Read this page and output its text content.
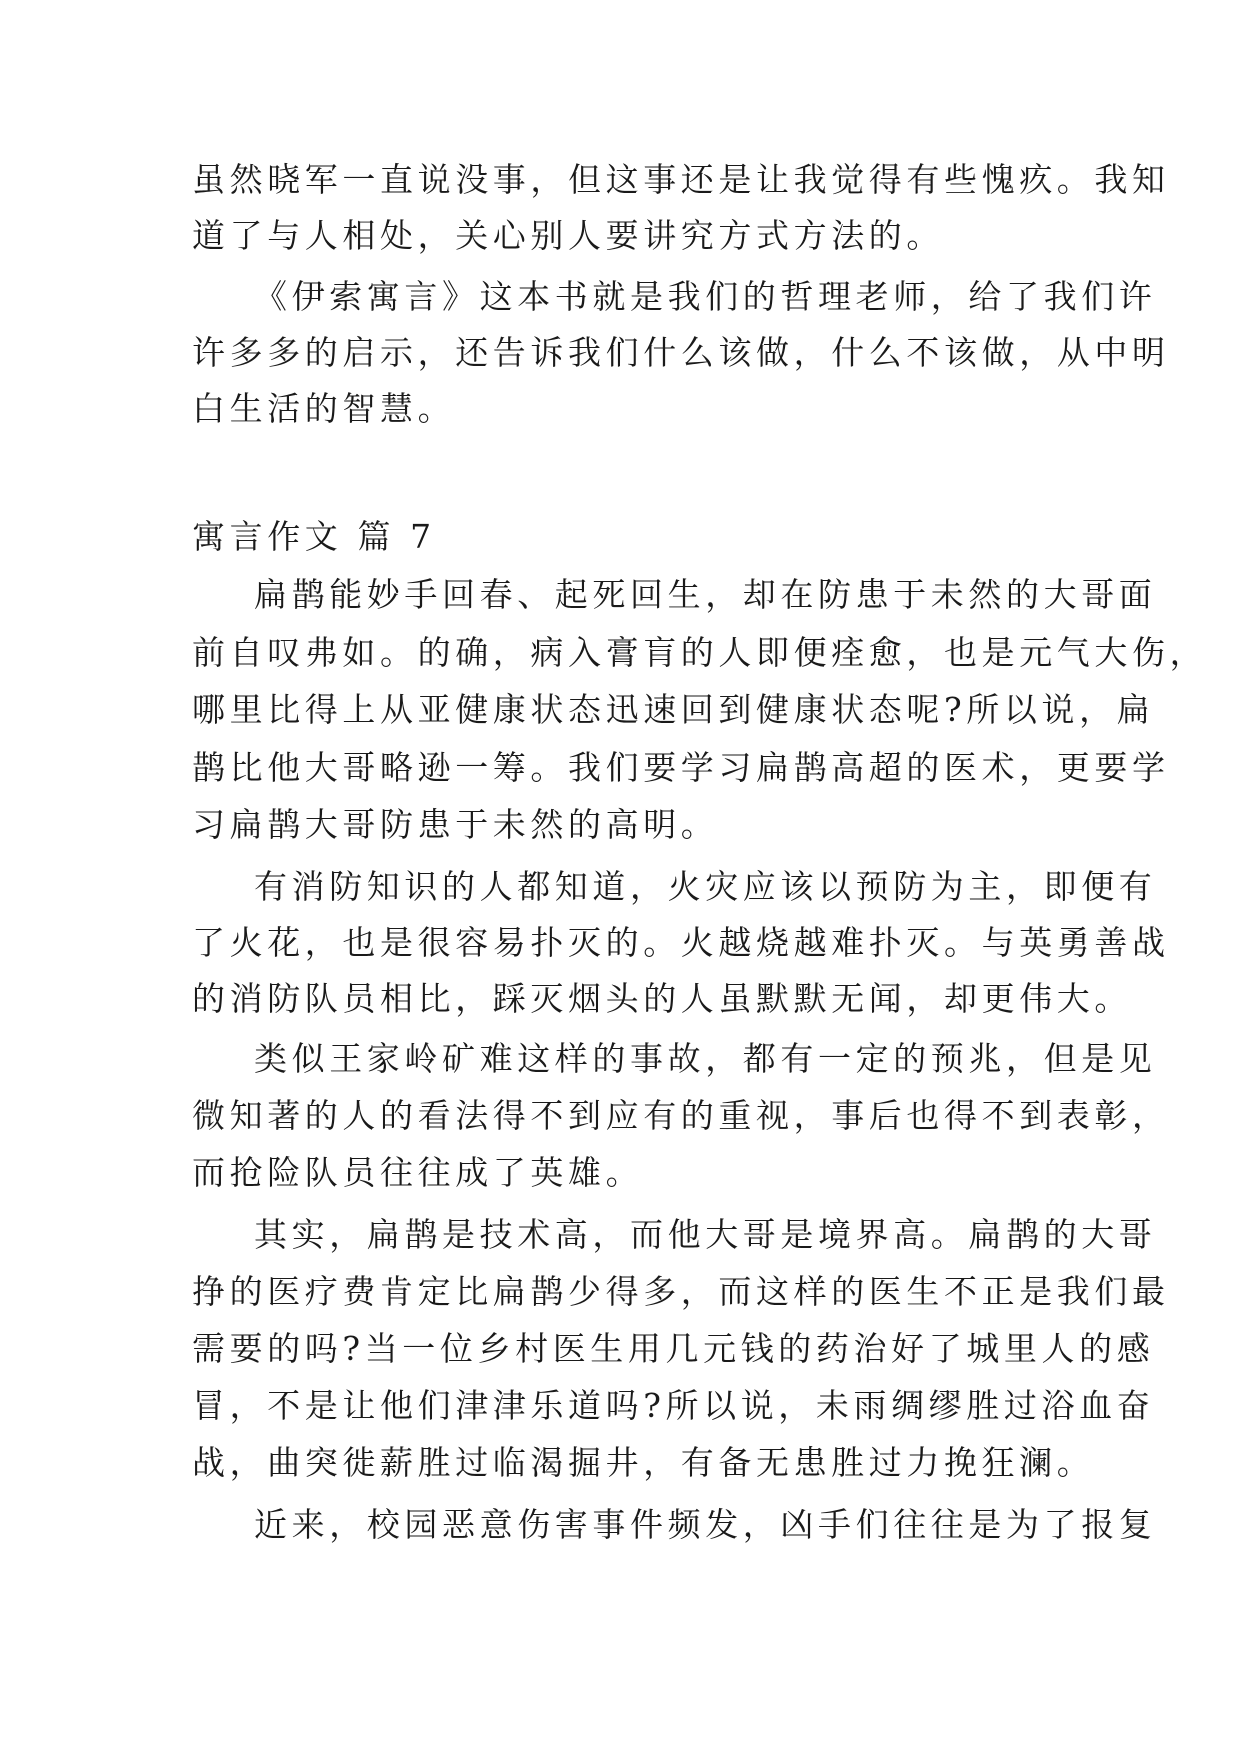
虽然晓军一直说没事，但这事还是让我觉得有些愧疚。我知
道了与人相处，关心别人要讲究方式方法的。
《伊索寓言》这本书就是我们的哲理老师，给了我们许
许多多的启示，还告诉我们什么该做，什么不该做，从中明
白生活的智慧。
寓言作文 篇 7
扁鹊能妙手回春、起死回生，却在防患于未然的大哥面
前自叹弗如。的确，病入膏肓的人即便痊愈，也是元气大伤，
哪里比得上从亚健康状态迅速回到健康状态呢?所以说，扁
鹊比他大哥略逊一筹。我们要学习扁鹊高超的医术，更要学
习扁鹊大哥防患于未然的高明。
有消防知识的人都知道，火灾应该以预防为主，即便有
了火花，也是很容易扑灭的。火越烧越难扑灭。与英勇善战
的消防队员相比，踩灭烟头的人虽默默无闻，却更伟大。
类似王家岭矿难这样的事故，都有一定的预兆，但是见
微知著的人的看法得不到应有的重视，事后也得不到表彰，
而抢险队员往往成了英雄。
其实，扁鹊是技术高，而他大哥是境界高。扁鹊的大哥
挣的医疗费肯定比扁鹊少得多，而这样的医生不正是我们最
需要的吗?当一位乡村医生用几元钱的药治好了城里人的感
冒，不是让他们津津乐道吗?所以说，未雨绸缪胜过浴血奋
战，曲突徙薪胜过临渴掘井，有备无患胜过力挽狂澜。
近来，校园恶意伤害事件频发，凶手们往往是为了报复
